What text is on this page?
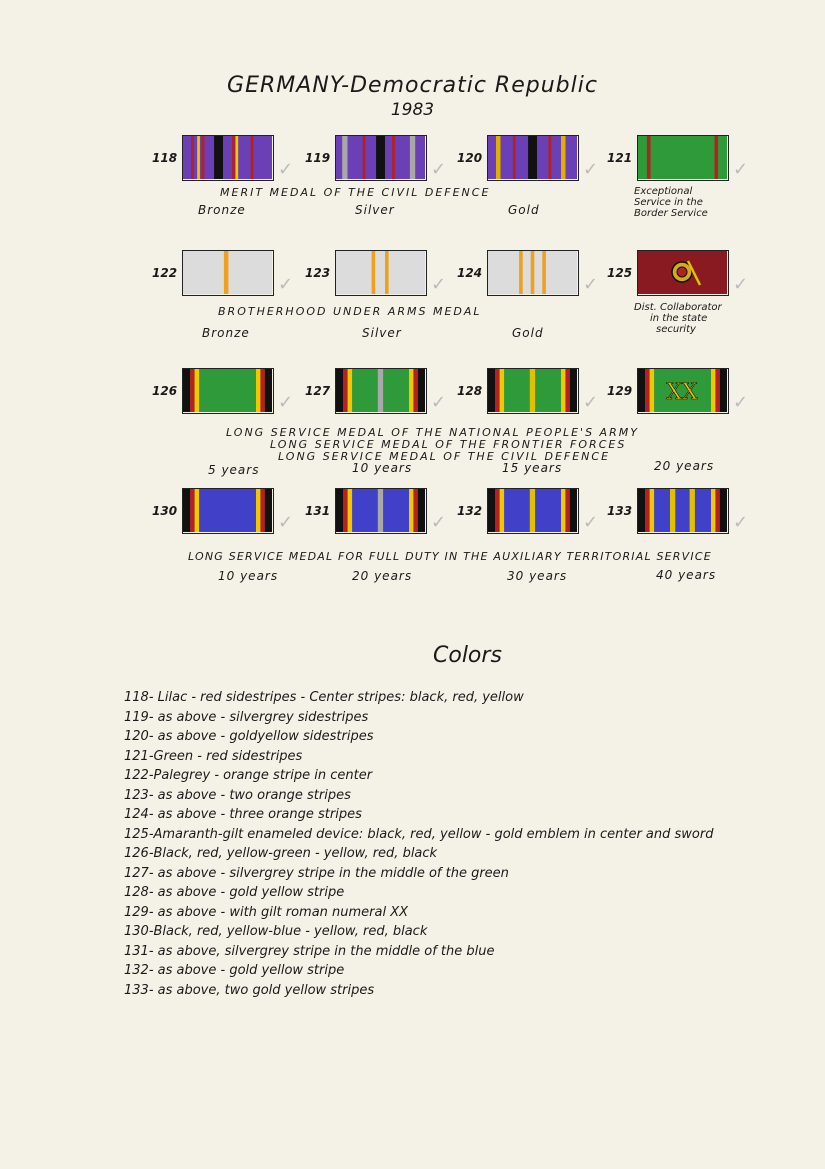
GERMANY-Democratic Republic
1983
118
✓
119
✓
120
✓
121
✓
122
✓
123
✓
124
✓
125
✓
126
✓
127
✓
128
✓
129 XX ✓
130
✓
131
✓
132
✓
133
✓
MERIT MEDAL OF THE CIVIL DEFENCE
Bronze	Silver	Gold
Exceptional
Service in the
Border Service
BROTHERHOOD UNDER ARMS MEDAL
Bronze	Silver	Gold
Dist. Collaborator
in the state
security
LONG SERVICE MEDAL OF THE NATIONAL PEOPLE'S ARMY
LONG SERVICE MEDAL OF THE FRONTIER FORCES
LONG SERVICE MEDAL OF THE CIVIL DEFENCE
5 years	10 years	15 years	20 years
LONG SERVICE MEDAL FOR FULL DUTY IN THE AUXILIARY TERRITORIAL SERVICE
10 years	20 years	30 years	40 years
Colors
118- Lilac - red sidestripes - Center stripes: black, red, yellow
119- as above - silvergrey sidestripes
120- as above - goldyellow sidestripes
121-Green - red sidestripes
122-Palegrey - orange stripe in center
123- as above - two orange stripes
124- as above - three orange stripes
125-Amaranth-gilt enameled device: black, red, yellow - gold emblem in center and sword
126-Black, red, yellow-green - yellow, red, black
127- as above - silvergrey stripe in the middle of the green
128- as above - gold yellow stripe
129- as above - with gilt roman numeral XX
130-Black, red, yellow-blue - yellow, red, black
131- as above, silvergrey stripe in the middle of the blue
132- as above - gold yellow stripe
133- as above, two gold yellow stripes
